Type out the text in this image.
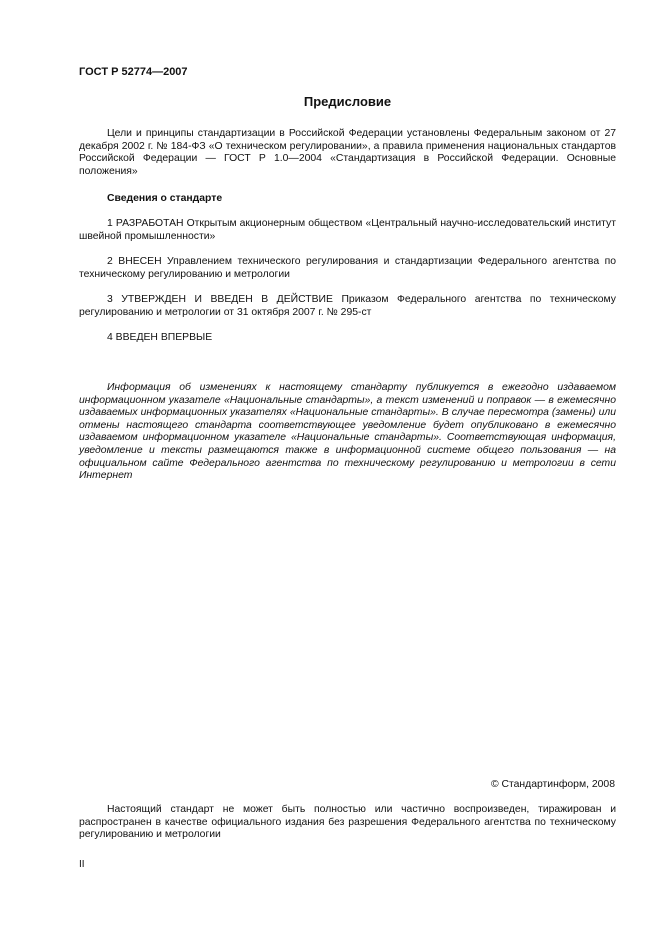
ГОСТ Р 52774—2007
Предисловие

Цели и принципы стандартизации в Российской Федерации установлены Федеральным законом от 27 декабря 2002 г. № 184-ФЗ «О техническом регулировании», а правила применения национальных стандартов Российской Федерации — ГОСТ Р 1.0—2004 «Стандартизация в Российской Федерации. Основные положения»

Сведения о стандарте

1 РАЗРАБОТАН Открытым акционерным обществом «Центральный научно-исследовательский институт швейной промышленности»

2 ВНЕСЕН Управлением технического регулирования и стандартизации Федерального агентства по техническому регулированию и метрологии

3 УТВЕРЖДЕН И ВВЕДЕН В ДЕЙСТВИЕ Приказом Федерального агентства по техническому регулированию и метрологии от 31 октября 2007 г. № 295-ст

4 ВВЕДЕН ВПЕРВЫЕ

Информация об изменениях к настоящему стандарту публикуется в ежегодно издаваемом информационном указателе «Национальные стандарты», а текст изменений и поправок — в ежемесячно издаваемых информационных указателях «Национальные стандарты». В случае пересмотра (замены) или отмены настоящего стандарта соответствующее уведомление будет опубликовано в ежемесячно издаваемом информационном указателе «Национальные стандарты». Соответствующая информация, уведомление и тексты размещаются также в информационной системе общего пользования — на официальном сайте Федерального агентства по техническому регулированию и метрологии в сети Интернет

© Стандартинформ, 2008

Настоящий стандарт не может быть полностью или частично воспроизведен, тиражирован и распространен в качестве официального издания без разрешения Федерального агентства по техническому регулированию и метрологии

II
